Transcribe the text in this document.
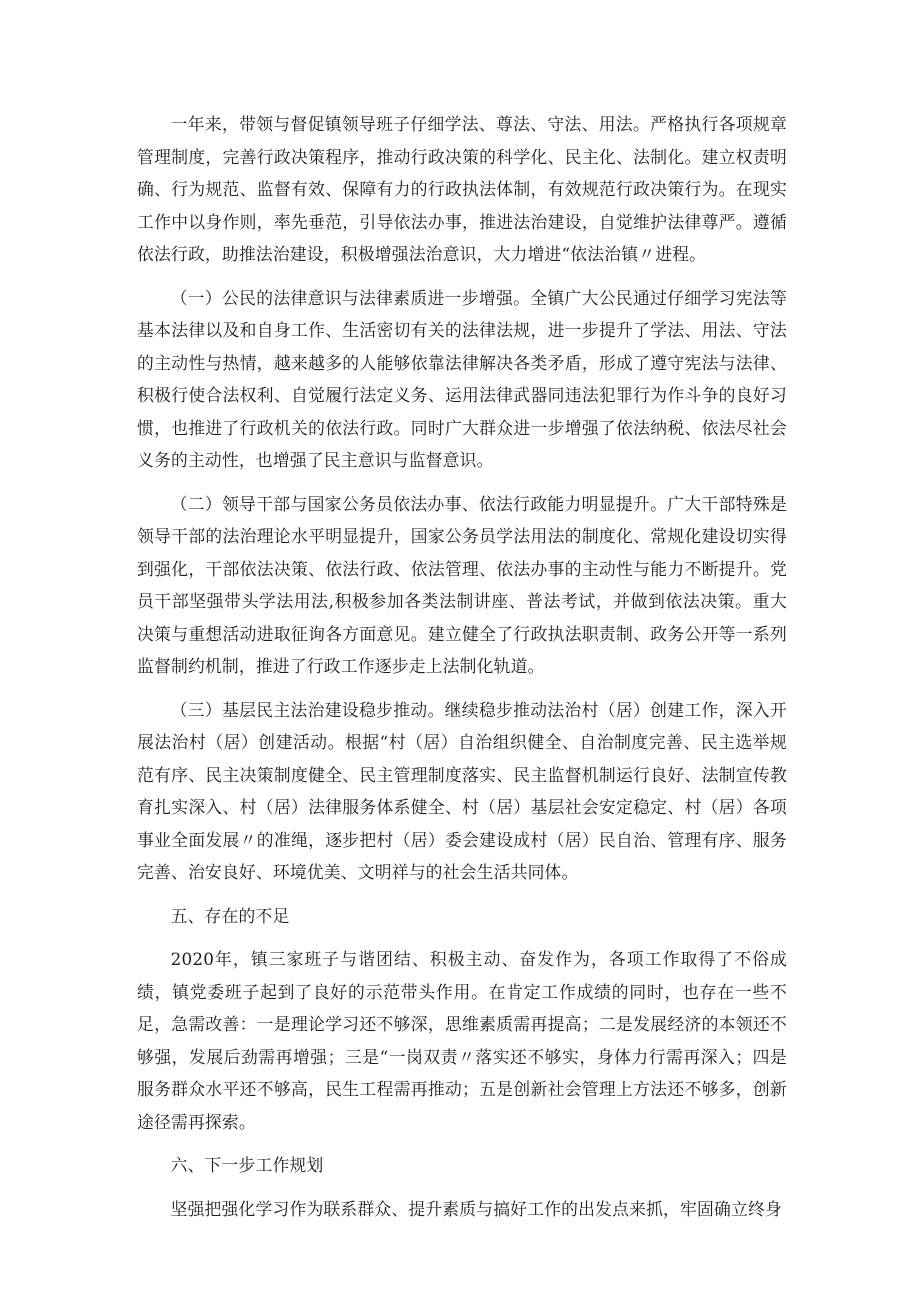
一年来，带领与督促镇领导班子仔细学法、尊法、守法、用法。严格执行各项规章管理制度，完善行政决策程序，推动行政决策的科学化、民主化、法制化。建立权责明确、行为规范、监督有效、保障有力的行政执法体制，有效规范行政决策行为。在现实工作中以身作则，率先垂范，引导依法办事，推进法治建设，自觉维护法律尊严。遵循依法行政，助推法治建设，积极增强法治意识，大力增进“依法治镇〃进程。

（一）公民的法律意识与法律素质进一步增强。全镇广大公民通过仔细学习宪法等基本法律以及和自身工作、生活密切有关的法律法规，进一步提升了学法、用法、守法的主动性与热情，越来越多的人能够依靠法律解决各类矛盾，形成了遵守宪法与法律、积极行使合法权利、自觉履行法定义务、运用法律武器同违法犯罪行为作斗争的良好习惯，也推进了行政机关的依法行政。同时广大群众进一步增强了依法纳税、依法尽社会义务的主动性，也增强了民主意识与监督意识。

（二）领导干部与国家公务员依法办事、依法行政能力明显提升。广大干部特殊是领导干部的法治理论水平明显提升，国家公务员学法用法的制度化、常规化建设切实得到强化，干部依法决策、依法行政、依法管理、依法办事的主动性与能力不断提升。党员干部坚强带头学法用法,积极参加各类法制讲座、普法考试，并做到依法决策。重大决策与重想活动进取征询各方面意见。建立健全了行政执法职责制、政务公开等一系列监督制约机制，推进了行政工作逐步走上法制化轨道。

（三）基层民主法治建设稳步推动。继续稳步推动法治村（居）创建工作，深入开展法治村（居）创建活动。根据“村（居）自治组织健全、自治制度完善、民主选举规范有序、民主决策制度健全、民主管理制度落实、民主监督机制运行良好、法制宣传教育扎实深入、村（居）法律服务体系健全、村（居）基层社会安定稳定、村（居）各项事业全面发展〃的准绳，逐步把村（居）委会建设成村（居）民自治、管理有序、服务完善、治安良好、环境优美、文明祥与的社会生活共同体。

五、存在的不足

2020年，镇三家班子与谐团结、积极主动、奋发作为，各项工作取得了不俗成绩，镇党委班子起到了良好的示范带头作用。在肯定工作成绩的同时，也存在一些不足，急需改善：一是理论学习还不够深，思维素质需再提高；二是发展经济的本领还不够强，发展后劲需再增强；三是“一岗双责〃落实还不够实，身体力行需再深入；四是服务群众水平还不够高，民生工程需再推动；五是创新社会管理上方法还不够多，创新途径需再探索。

六、下一步工作规划

坚强把强化学习作为联系群众、提升素质与搞好工作的出发点来抓，牢固确立终身
